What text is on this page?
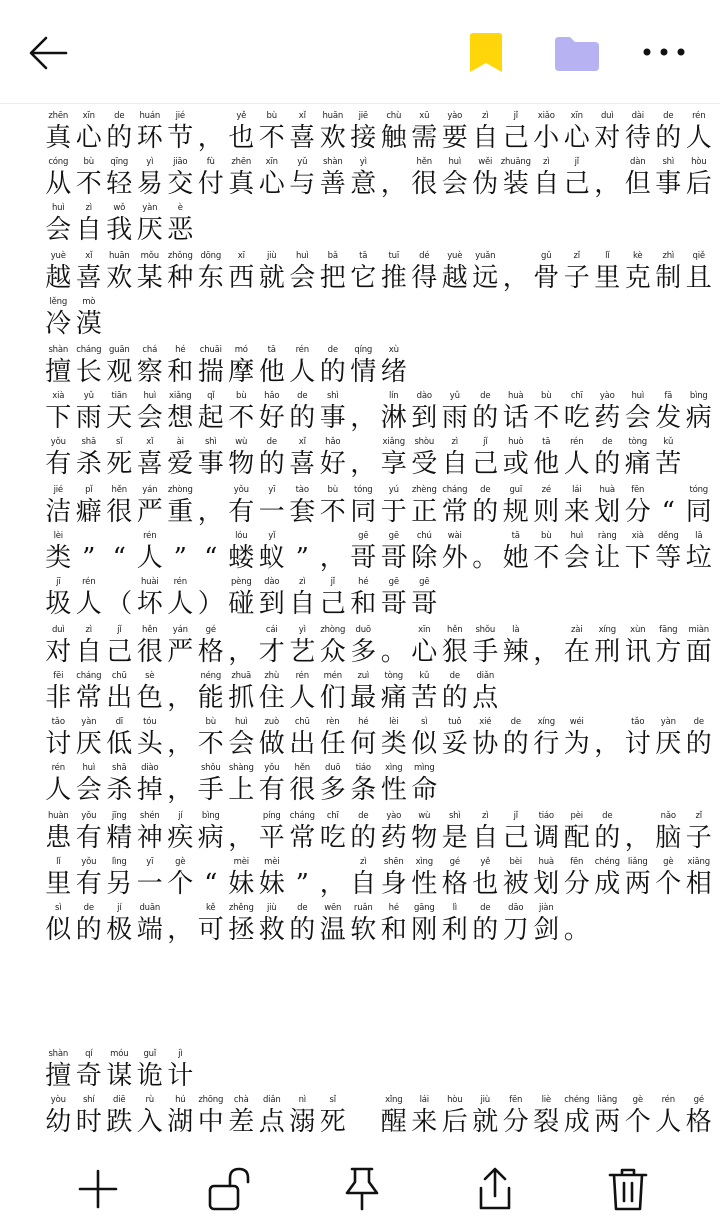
zhēn
真
xīn
心
de
的
huán
环
jié
节 ，
yě
也
bù
不
xǐ
喜
huān
欢
jiē
接
chù
触
xū
需
yào
要
zì
自
jǐ
己
xiǎo
小
xīn
心
duì
对
dài
待
de
的
rén
人
cóng
从
bù
不
qīng
轻
yì
易
jiāo
交
fù
付
zhēn
真
xīn
心
yǔ
与
shàn
善
yì
意 ，
hěn
很
huì
会
wěi
伪
zhuāng
装
zì
自
jǐ
己 ，
dàn
但
shì
事
hòu
后
huì
会
zì
自
wǒ
我
yàn
厌
è
恶
yuè
越
xǐ
喜
huān
欢
mǒu
某
zhǒng
种
dōng
东
xī
西
jiù
就
huì
会
bǎ
把
tā
它
tuī
推
dé
得
yuè
越
yuǎn
远 ，
gǔ
骨
zǐ
子
lǐ
里
kè
克
zhì
制
qiě
且
lěng
冷
mò
漠
shàn
擅
cháng
长
guān
观
chá
察
hé
和
chuāi
揣
mó
摩
tā
他
rén
人
de
的
qíng
情
xù
绪
xià
下
yǔ
雨
tiān
天
huì
会
xiǎng
想
qǐ
起
bù
不
hǎo
好
de
的
shì
事 ，
lín
淋
dào
到
yǔ
雨
de
的
huà
话
bù
不
chī
吃
yào
药
huì
会
fā
发
bìng
病
yǒu
有
shā
杀
sǐ
死
xǐ
喜
ài
爱
shì
事
wù
物
de
的
xǐ
喜
hǎo
好 ，
xiǎng
享
shòu
受
zì
自
jǐ
己
huò
或
tā
他
rén
人
de
的
tòng
痛
kǔ
苦
jié
洁
pǐ
癖
hěn
很
yán
严
zhòng
重 ，
yǒu
有
yī
一
tào
套
bù
不
tóng
同
yú
于
zhèng
正
cháng
常
de
的
guī
规
zé
则
lái
来
huà
划
fēn
分 “
tóng
同
lèi
类 ” “
rén
人 ” “
lóu
蝼
yǐ
蚁 ” ，
gē
哥
gē
哥
chú
除
wài
外 。
tā
她
bù
不
huì
会
ràng
让
xià
下
děng
等
lā
垃
jī
圾
rén
人 （
huài
坏
rén
人 ）
pèng
碰
dào
到
zì
自
jǐ
己
hé
和
gē
哥
gē
哥
duì
对
zì
自
jǐ
己
hěn
很
yán
严
gé
格 ，
cái
才
yì
艺
zhòng
众
duō
多 。
xīn
心
hěn
狠
shǒu
手
là
辣 ，
zài
在
xíng
刑
xùn
讯
fāng
方
miàn
面
fēi
非
cháng
常
chū
出
sè
色 ，
néng
能
zhuā
抓
zhù
住
rén
人
mén
们
zuì
最
tòng
痛
kǔ
苦
de
的
diǎn
点
tǎo
讨
yàn
厌
dī
低
tóu
头 ，
bù
不
huì
会
zuò
做
chū
出
rèn
任
hé
何
lèi
类
sì
似
tuǒ
妥
xié
协
de
的
xíng
行
wéi
为 ，
tǎo
讨
yàn
厌
de
的
rén
人
huì
会
shā
杀
diào
掉 ，
shǒu
手
shàng
上
yǒu
有
hěn
很
duō
多
tiáo
条
xìng
性
mìng
命
huàn
患
yǒu
有
jīng
精
shén
神
jí
疾
bìng
病 ，
píng
平
cháng
常
chī
吃
de
的
yào
药
wù
物
shì
是
zì
自
jǐ
己
tiáo
调
pèi
配
de
的 ，
nǎo
脑
zǐ
子
lǐ
里
yǒu
有
lìng
另
yī
一
gè
个 “
mèi
妹
mèi
妹 ” ，
zì
自
shēn
身
xìng
性
gé
格
yě
也
bèi
被
huà
划
fēn
分
chéng
成
liǎng
两
gè
个
xiāng
相
sì
似
de
的
jí
极
duān
端 ，
kě
可
zhěng
拯
jiù
救
de
的
wēn
温
ruǎn
软
hé
和
gāng
刚
lì
利
de
的
dāo
刀
jiàn
剑 。
shàn
擅
qí
奇
móu
谋
guǐ
诡
jì
计
yòu
幼
shí
时
diē
跌
rù
入
hú
湖
zhōng
中
chà
差
diǎn
点
nì
溺
sǐ
死
xǐng
醒
lái
来
hòu
后
jiù
就
fēn
分
liè
裂
chéng
成
liǎng
两
gè
个
rén
人
gé
格
